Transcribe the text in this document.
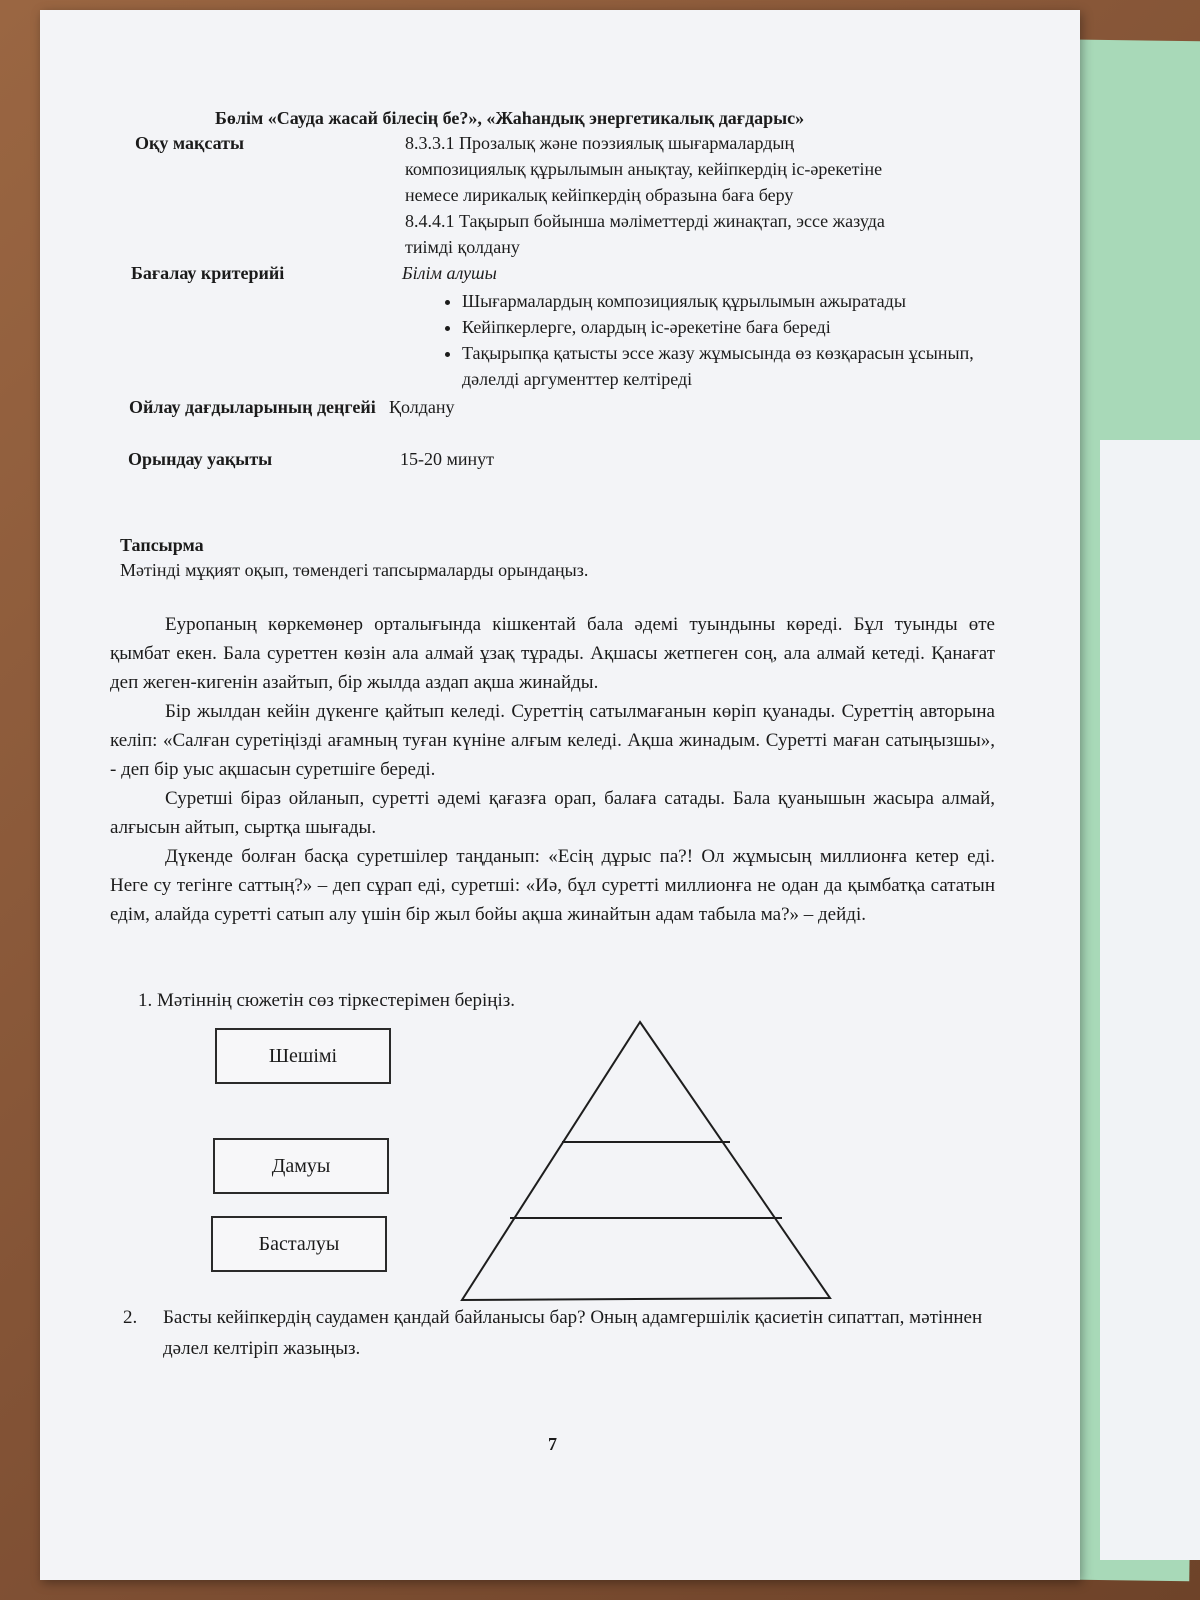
Бөлім «Сауда жасай білесің бе?», «Жаһандық энергетикалық дағдарыс»
Оқу мақсаты	8.3.3.1 Прозалық және поэзиялық шығармалардың

композициялық құрылымын анықтау, кейіпкердің іс-әрекетіне

немесе лирикалық кейіпкердің образына баға беру

8.4.4.1 Тақырып бойынша мәліметтерді жинақтап, эссе жазуда

тиімді қолдану

Бағалау критерийі	Білім алушы

• Шығармалардың композициялық құрылымын ажыратады
• Кейіпкерлерге, олардың іс-әрекетіне баға береді
• Тақырыпқа қатысты эссе жазу жұмысында өз көзқарасын ұсынып, дәлелді аргументтер келтіреді
Ойлау дағдыларының деңгейі Қолдану
Орындау уақыты	15-20 минут
Тапсырма
Мәтінді мұқият оқып, төмендегі тапсырмаларды орындаңыз.

Еуропаның көркемөнер орталығында кішкентай бала әдемі туындыны көреді. Бұл туынды өте қымбат екен. Бала суреттен көзін ала алмай ұзақ тұрады. Ақшасы жетпеген соң, ала алмай кетеді. Қанағат деп жеген-кигенін азайтып, бір жылда аздап ақша жинайды.

Бір жылдан кейін дүкенге қайтып келеді. Суреттің сатылмағанын көріп қуанады. Суреттің авторына келіп: «Салған суретіңізді ағамның туған күніне алғым келеді. Ақша жинадым. Суретті маған сатыңызшы», - деп бір уыс ақшасын суретшіге береді.

Суретші біраз ойланып, суретті әдемі қағазға орап, балаға сатады. Бала қуанышын жасыра алмай, алғысын айтып, сыртқа шығады.

Дүкенде болған басқа суретшілер таңданып: «Есің дұрыс па?! Ол жұмысың миллионға кетер еді. Неге су тегінге саттың?» – деп сұрап еді, суретші: «Иә, бұл суретті миллионға не одан да қымбатқа сататын едім, алайда суретті сатып алу үшін бір жыл бойы ақша жинайтын адам табыла ма?» – дейді.

1. Мәтіннің сюжетін сөз тіркестерімен беріңіз.
Шешімі
Дамуы
Басталуы
2. Басты кейіпкердің саудамен қандай байланысы бар? Оның адамгершілік қасиетін сипаттап, мәтіннен дәлел келтіріп жазыңыз.
7
